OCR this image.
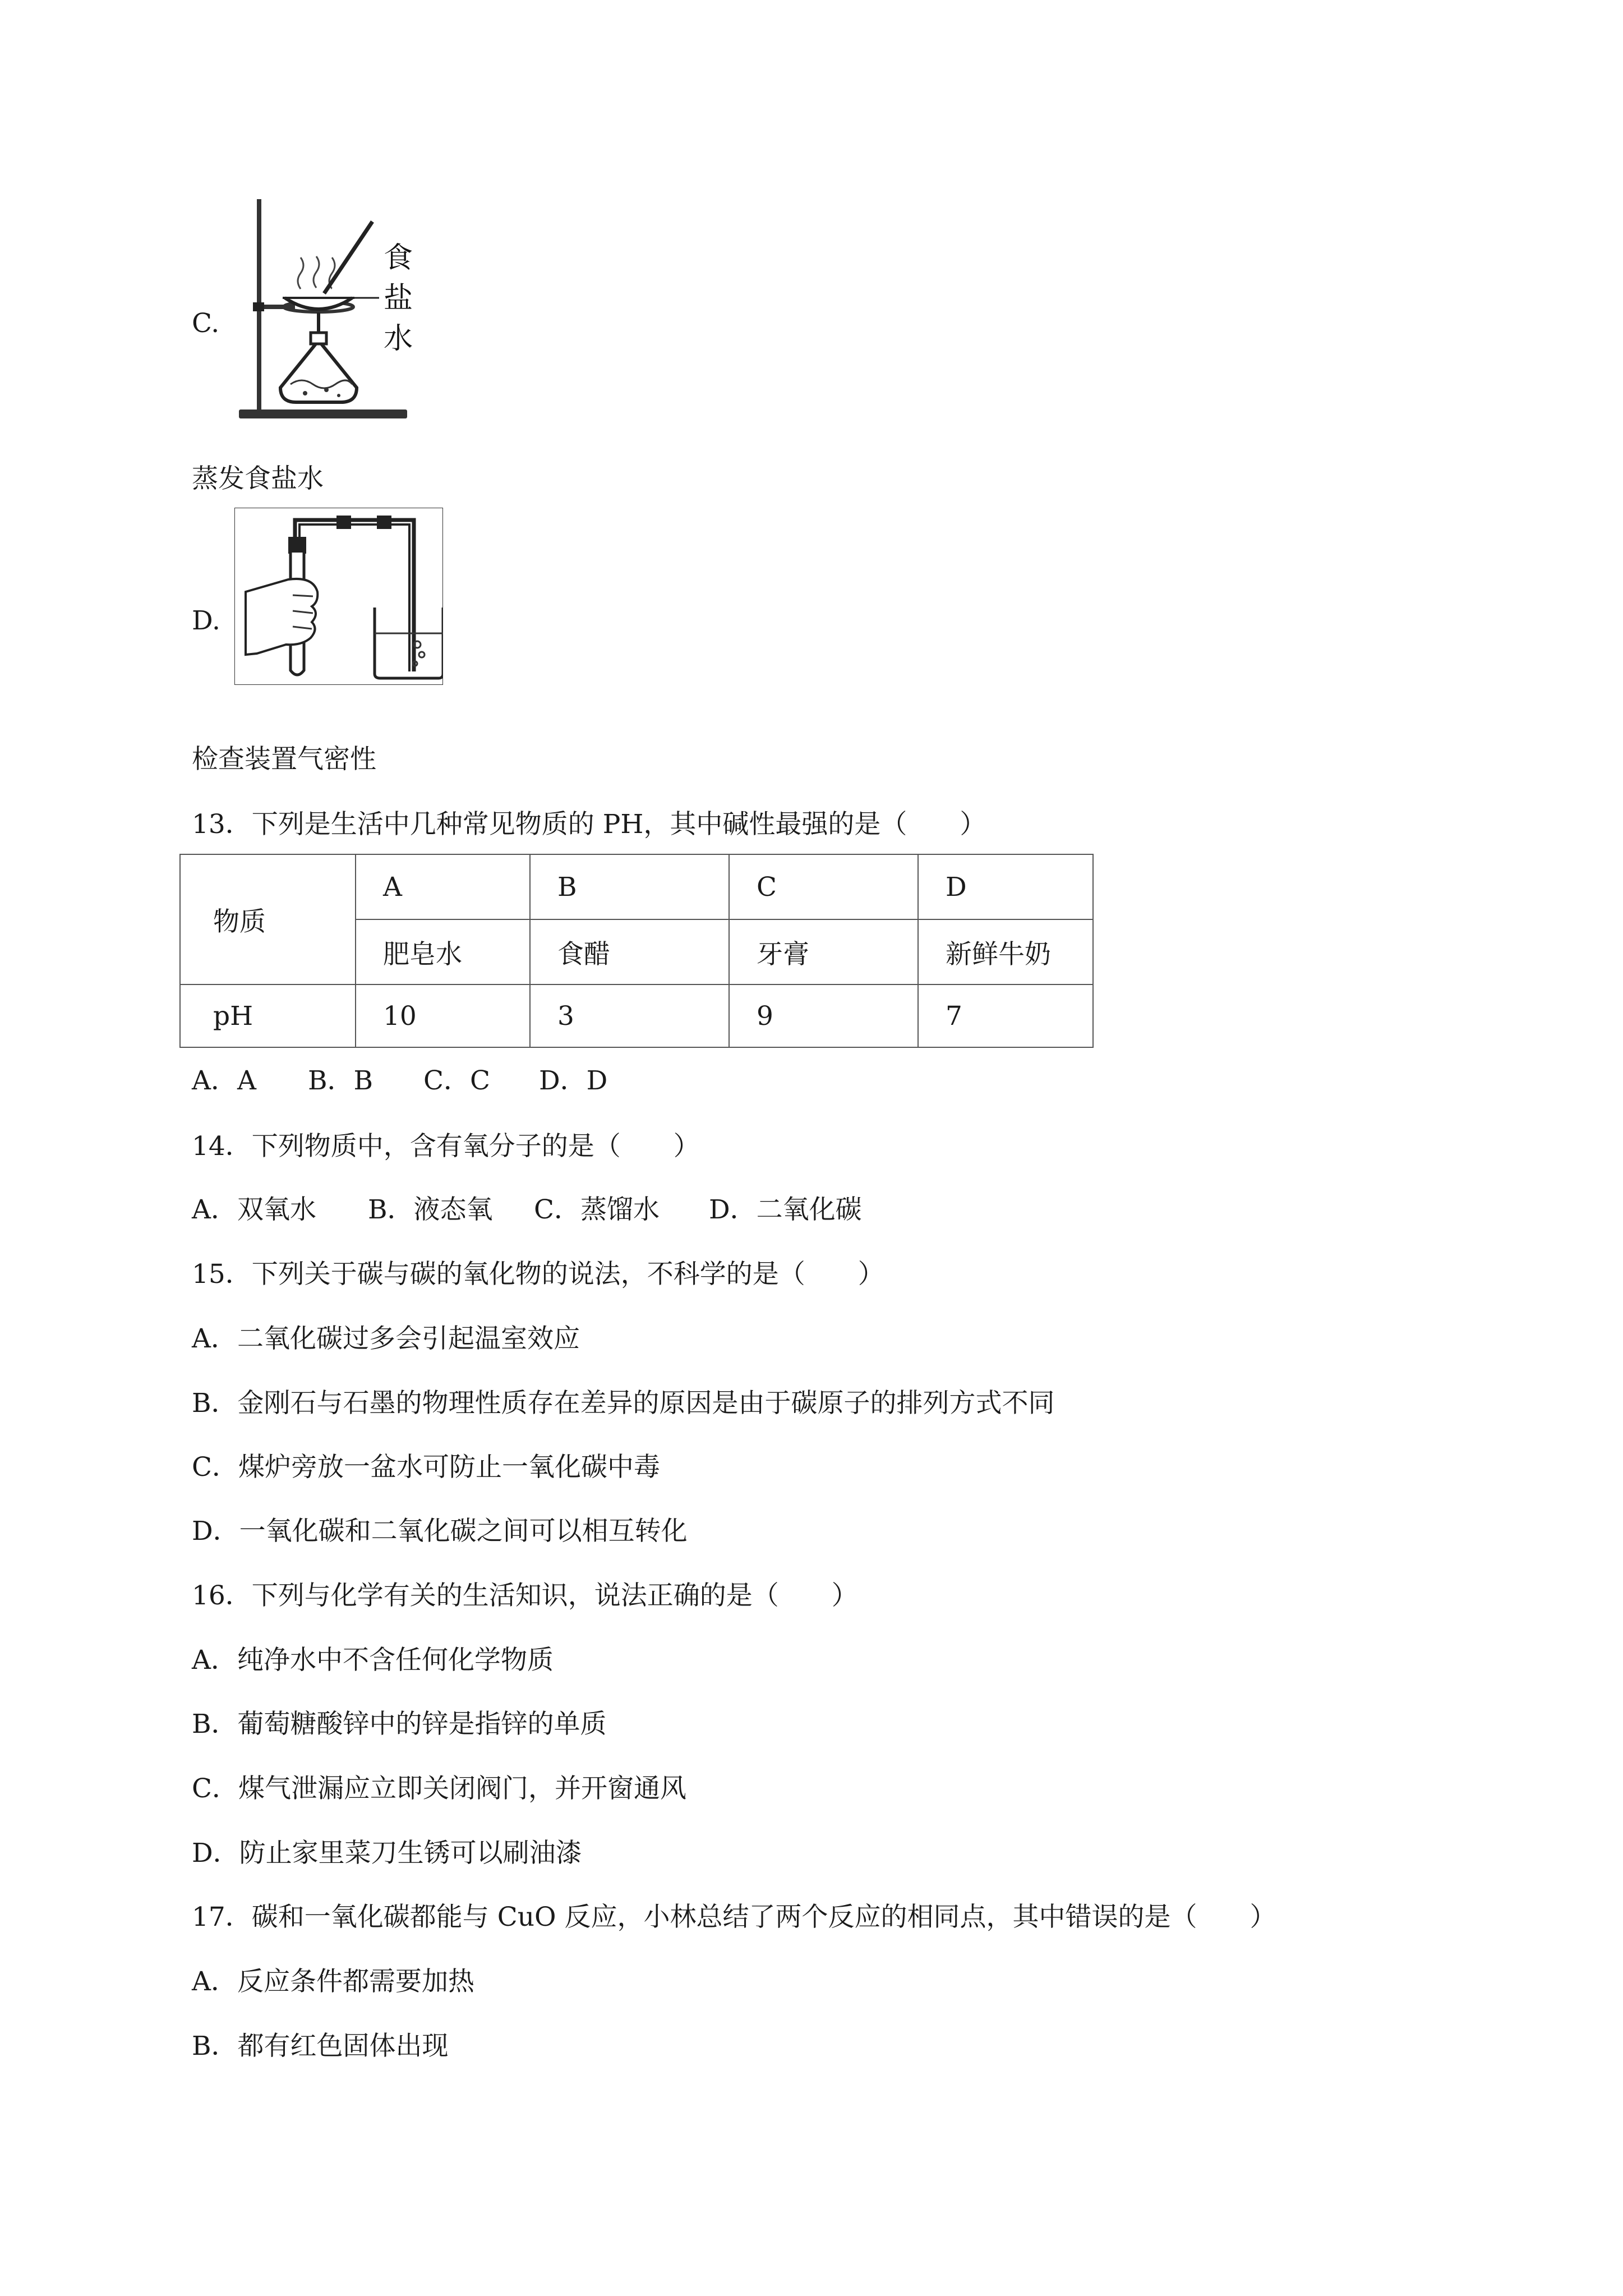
C.
食
盐
水
蒸发食盐水
D.
检查装置气密性
13．下列是生活中几种常见物质的 PH，其中碱性最强的是（　　）
物质	A	B	C	D
	肥皂水	食醋	牙膏	新鲜牛奶
pH	10	3	9	7
A．A B．B C．C D．D
14．下列物质中，含有氧分子的是（　　）
A．双氧水 B．液态氧 C．蒸馏水 D．二氧化碳
15．下列关于碳与碳的氧化物的说法，不科学的是（　　）
A．二氧化碳过多会引起温室效应
B．金刚石与石墨的物理性质存在差异的原因是由于碳原子的排列方式不同
C．煤炉旁放一盆水可防止一氧化碳中毒
D．一氧化碳和二氧化碳之间可以相互转化
16．下列与化学有关的生活知识，说法正确的是（　　）
A．纯净水中不含任何化学物质
B．葡萄糖酸锌中的锌是指锌的单质
C．煤气泄漏应立即关闭阀门，并开窗通风
D．防止家里菜刀生锈可以刷油漆
17．碳和一氧化碳都能与 CuO 反应，小林总结了两个反应的相同点，其中错误的是（　　）
A．反应条件都需要加热
B．都有红色固体出现
